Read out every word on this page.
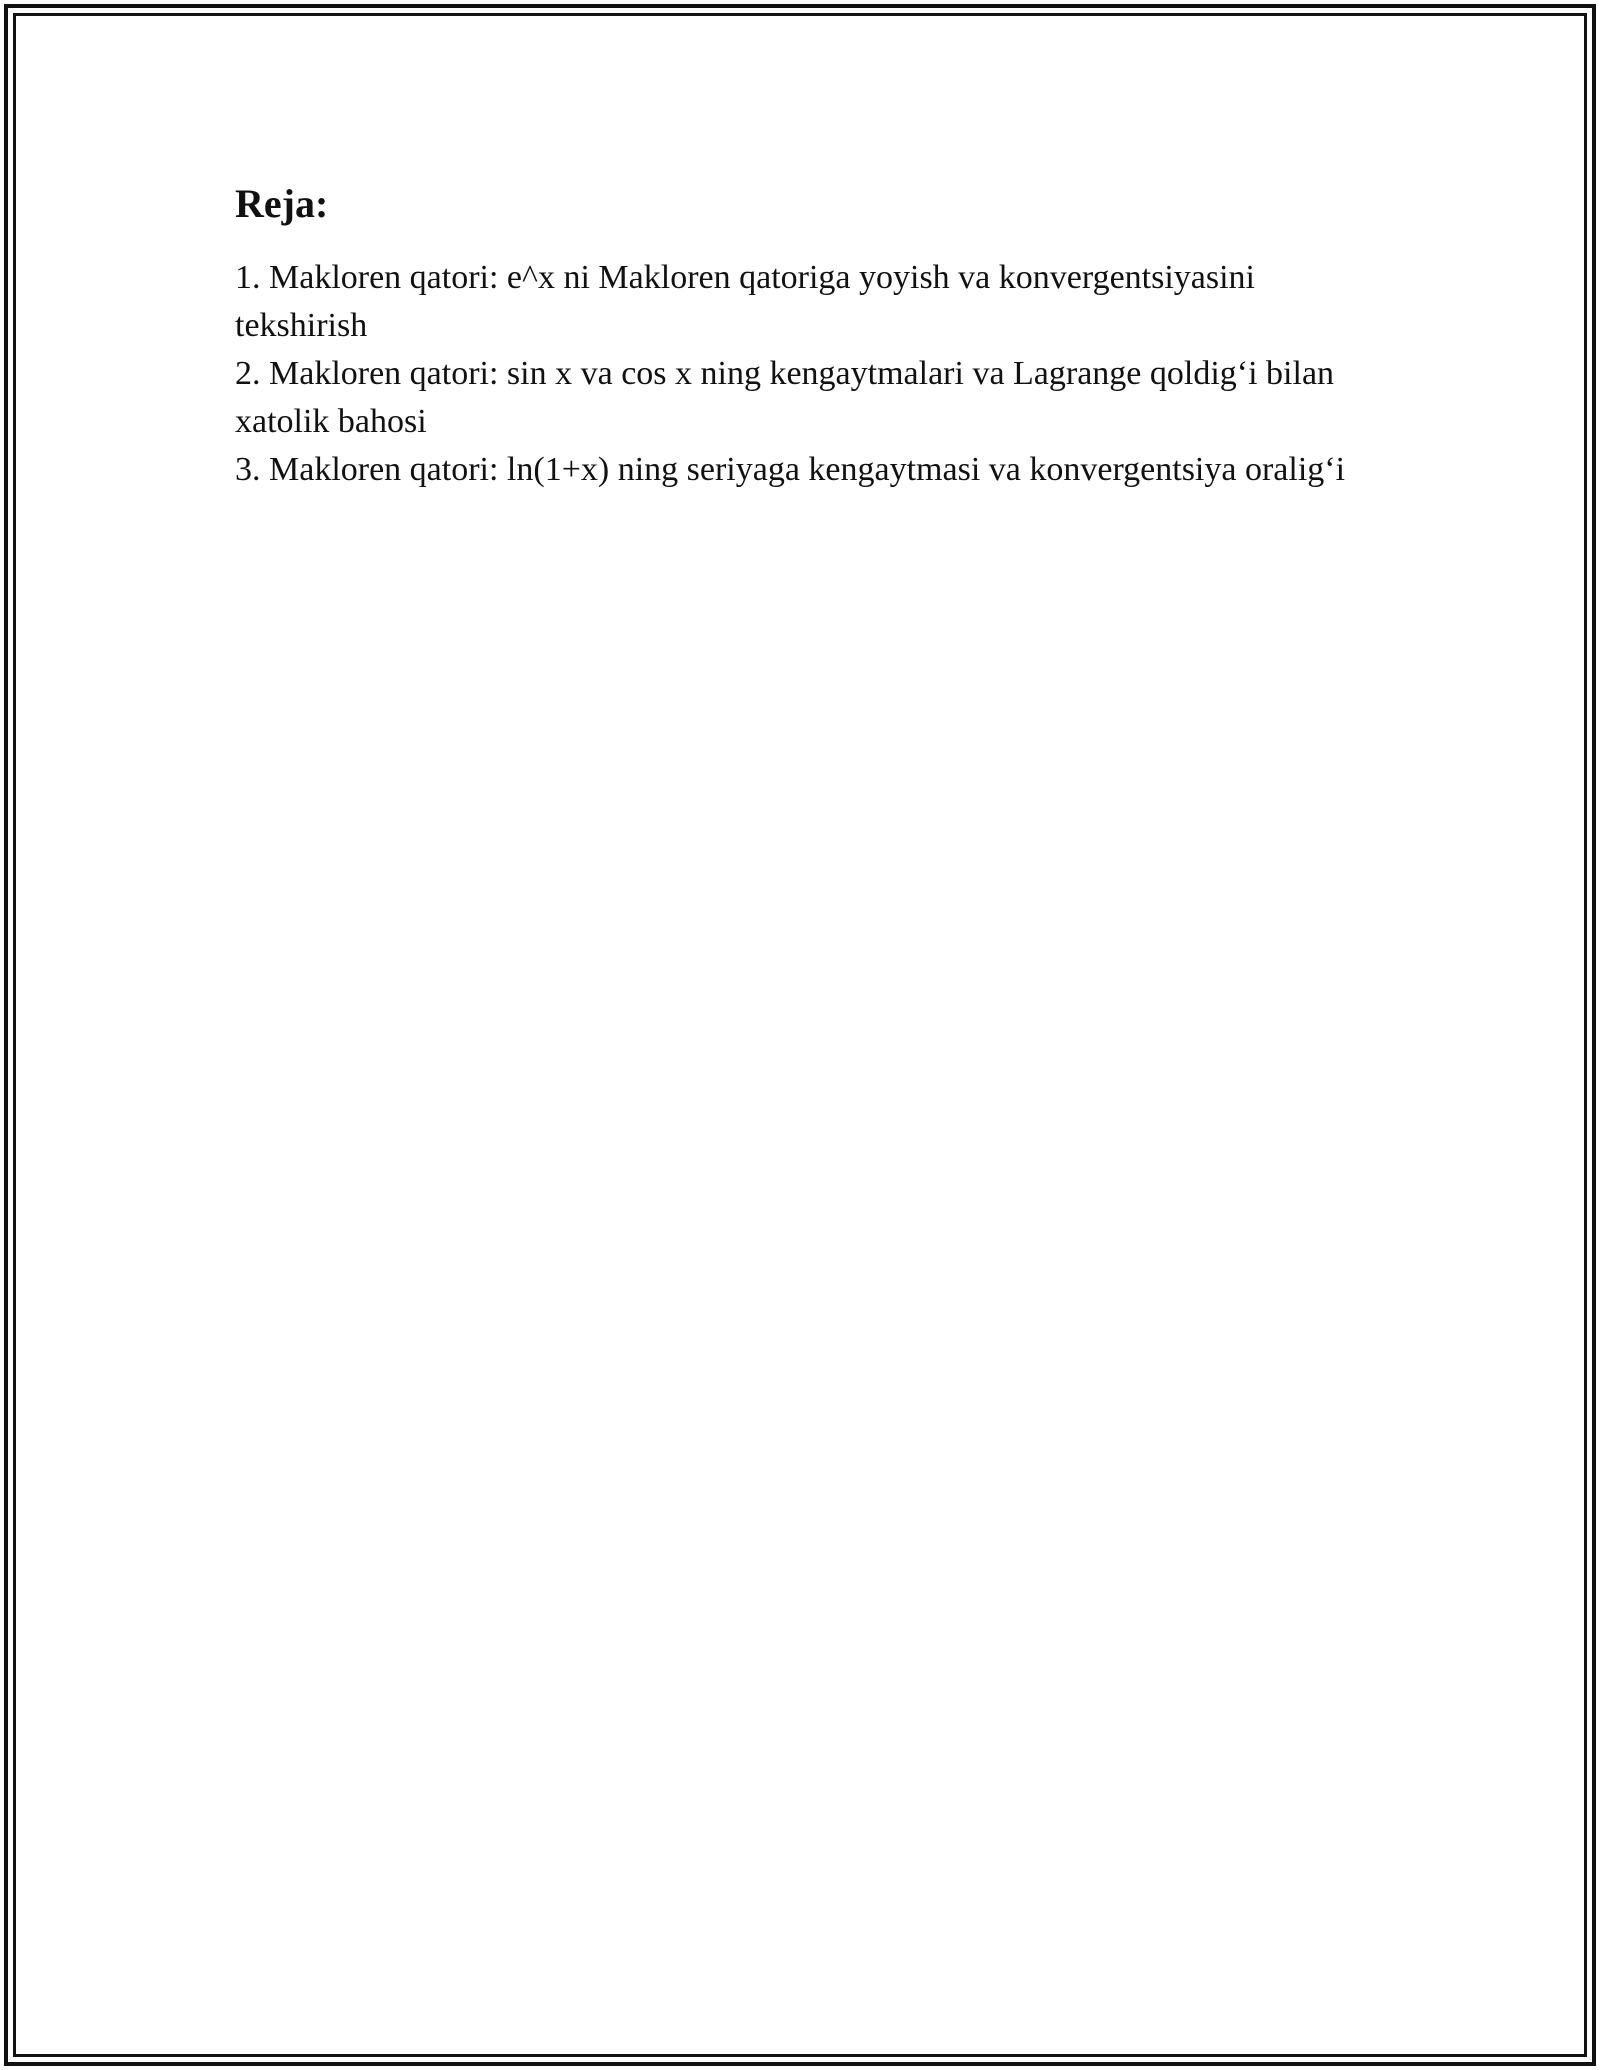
Reja:
1. Makloren qatori: e^x ni Makloren qatoriga yoyish va konvergentsiyasini tekshirish
2. Makloren qatori: sin x va cos x ning kengaytmalari va Lagrange qoldig‘i bilan xatolik bahosi
3. Makloren qatori: ln(1+x) ning seriyaga kengaytmasi va konvergentsiya oralig‘i
